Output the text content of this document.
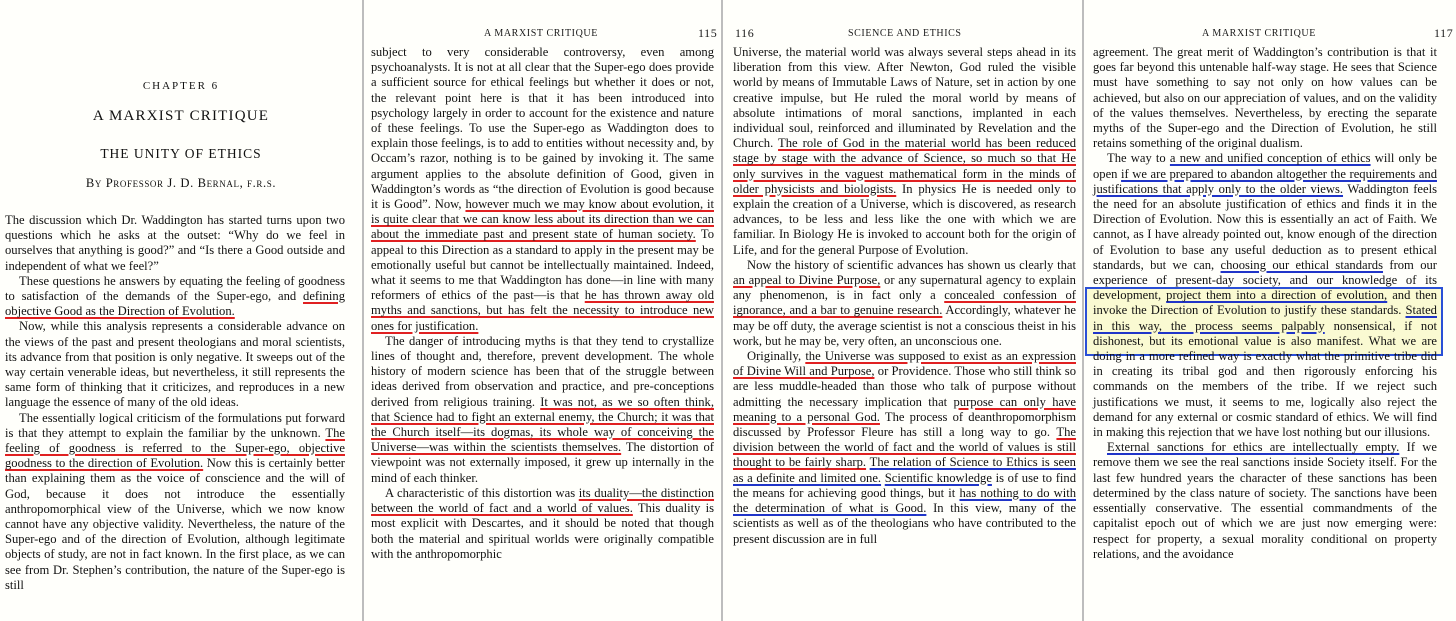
CHAPTER 6
A MARXIST CRITIQUE
THE UNITY OF ETHICS
By Professor J. D. Bernal, f.r.s.

The discussion which Dr. Waddington has started turns upon two questions which he asks at the outset: “Why do we feel in ourselves that anything is good?” and “Is there a Good outside and independent of what we feel?”

These questions he answers by equating the feeling of goodness to satisfaction of the demands of the Super-ego, and defining objective Good as the Direction of Evolution.

Now, while this analysis represents a considerable advance on the views of the past and present theologians and moral scientists, its advance from that position is only negative. It sweeps out of the way certain venerable ideas, but nevertheless, it still represents the same form of thinking that it criticizes, and reproduces in a new language the essence of many of the old ideas.

The essentially logical criticism of the formulations put forward is that they attempt to explain the familiar by the unknown. The feeling of goodness is referred to the Super-ego, objective goodness to the direction of Evolution. Now this is certainly better than explaining them as the voice of conscience and the will of God, because it does not introduce the essentially anthropomorphical view of the Universe, which we now know cannot have any objective validity. Nevertheless, the nature of the Super-ego and of the direction of Evolution, although legitimate objects of study, are not in fact known. In the first place, as we can see from Dr. Stephen’s contribution, the nature of the Super-ego is still

A MARXIST CRITIQUE	115

subject to very considerable controversy, even among psychoanalysts. It is not at all clear that the Super-ego does provide a sufficient source for ethical feelings but whether it does or not, the relevant point here is that it has been introduced into psychology largely in order to account for the existence and nature of these feelings. To use the Super-ego as Waddington does to explain those feelings, is to add to entities without necessity and, by Occam’s razor, nothing is to be gained by invoking it. The same argument applies to the absolute definition of Good, given in Waddington’s words as “the direction of Evolution is good because it is Good”. Now, however much we may know about evolution, it is quite clear that we can know less about its direction than we can about the immediate past and present state of human society. To appeal to this Direction as a standard to apply in the present may be emotionally useful but cannot be intellectually maintained. Indeed, what it seems to me that Waddington has done—in line with many reformers of ethics of the past—is that he has thrown away old myths and sanctions, but has felt the necessity to introduce new ones for justification.

The danger of introducing myths is that they tend to crystallize lines of thought and, therefore, prevent development. The whole history of modern science has been that of the struggle between ideas derived from observation and practice, and pre-conceptions derived from religious training. It was not, as we so often think, that Science had to fight an external enemy, the Church; it was that the Church itself—its dogmas, its whole way of conceiving the Universe—was within the scientists themselves. The distortion of viewpoint was not externally imposed, it grew up internally in the mind of each thinker.

A characteristic of this distortion was its duality—the distinction between the world of fact and a world of values. This duality is most explicit with Descartes, and it should be noted that though both the material and spiritual worlds were originally compatible with the anthropomorphic

116	SCIENCE AND ETHICS

Universe, the material world was always several steps ahead in its liberation from this view. After Newton, God ruled the visible world by means of Immutable Laws of Nature, set in action by one creative impulse, but He ruled the moral world by means of absolute intimations of moral sanctions, implanted in each individual soul, reinforced and illuminated by Revelation and the Church. The role of God in the material world has been reduced stage by stage with the advance of Science, so much so that He only survives in the vaguest mathematical form in the minds of older physicists and biologists. In physics He is needed only to explain the creation of a Universe, which is discovered, as research advances, to be less and less like the one with which we are familiar. In Biology He is invoked to account both for the origin of Life, and for the general Purpose of Evolution.

Now the history of scientific advances has shown us clearly that an appeal to Divine Purpose, or any supernatural agency to explain any phenomenon, is in fact only a concealed confession of ignorance, and a bar to genuine research. Accordingly, whatever he may be off duty, the average scientist is not a conscious theist in his work, but he may be, very often, an unconscious one.

Originally, the Universe was supposed to exist as an expression of Divine Will and Purpose, or Providence. Those who still think so are less muddle-headed than those who talk of purpose without admitting the necessary implication that purpose can only have meaning to a personal God. The process of deanthropomorphism discussed by Professor Fleure has still a long way to go. The division between the world of fact and the world of values is still thought to be fairly sharp. The relation of Science to Ethics is seen as a definite and limited one. Scientific knowledge is of use to find the means for achieving good things, but it has nothing to do with the determination of what is Good. In this view, many of the scientists as well as of the theologians who have contributed to the present discussion are in full

A MARXIST CRITIQUE	117

agreement. The great merit of Waddington’s contribution is that it goes far beyond this untenable half-way stage. He sees that Science must have something to say not only on how values can be achieved, but also on our appreciation of values, and on the validity of the values themselves. Nevertheless, by erecting the separate myths of the Super-ego and the Direction of Evolution, he still retains something of the original dualism.

The way to a new and unified conception of ethics will only be open if we are prepared to abandon altogether the requirements and justifications that apply only to the older views. Waddington feels the need for an absolute justification of ethics and finds it in the Direction of Evolution. Now this is essentially an act of Faith. We cannot, as I have already pointed out, know enough of the direction of Evolution to base any useful deduction as to present ethical standards, but we can, choosing our ethical standards from our experience of present-day society, and our knowledge of its development, project them into a direction of evolution, and then invoke the Direction of Evolution to justify these standards. Stated in this way, the process seems palpably nonsensical, if not dishonest, but its emotional value is also manifest. What we are doing in a more refined way is exactly what the primitive tribe did in creating its tribal god and then rigorously enforcing his commands on the members of the tribe. If we reject such justifications we must, it seems to me, logically also reject the demand for any external or cosmic standard of ethics. We will find in making this rejection that we have lost nothing but our illusions.

External sanctions for ethics are intellectually empty. If we remove them we see the real sanctions inside Society itself. For the last few hundred years the character of these sanctions has been determined by the class nature of society. The sanctions have been essentially conservative. The essential commandments of the capitalist epoch out of which we are just now emerging were: respect for property, a sexual morality conditional on property relations, and the avoidance
